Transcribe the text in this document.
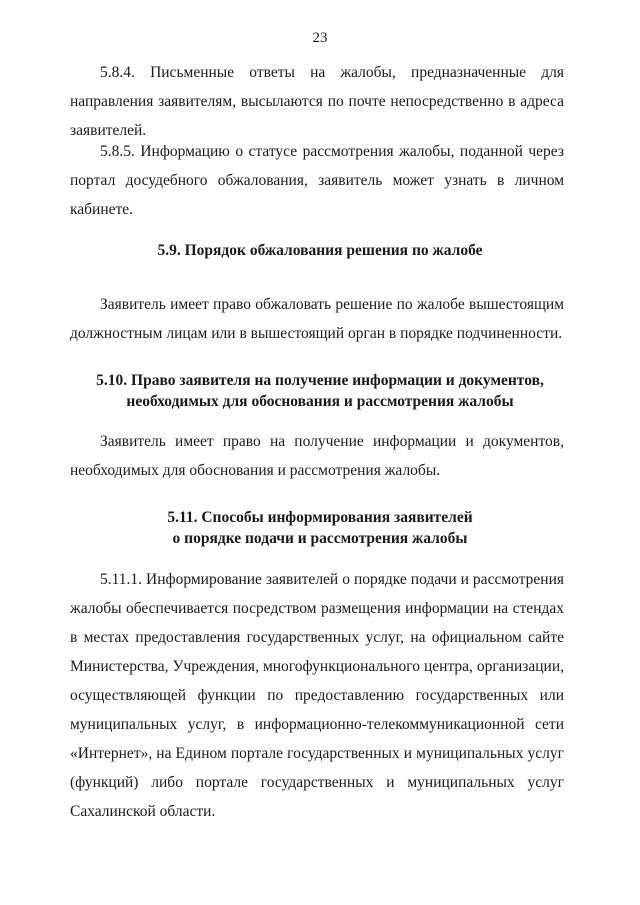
23

5.8.4. Письменные ответы на жалобы, предназначенные для направления заявителям, высылаются по почте непосредственно в адреса заявителей.

5.8.5. Информацию о статусе рассмотрения жалобы, поданной через портал досудебного обжалования, заявитель может узнать в личном кабинете.

5.9. Порядок обжалования решения по жалобе

Заявитель имеет право обжаловать решение по жалобе вышестоящим должностным лицам или в вышестоящий орган в порядке подчиненности.

5.10. Право заявителя на получение информации и документов,
необходимых для обоснования и рассмотрения жалобы

Заявитель имеет право на получение информации и документов, необходимых для обоснования и рассмотрения жалобы.

5.11. Способы информирования заявителей
о порядке подачи и рассмотрения жалобы

5.11.1. Информирование заявителей о порядке подачи и рассмотрения жалобы обеспечивается посредством размещения информации на стендах в местах предоставления государственных услуг, на официальном сайте Министерства, Учреждения, многофункционального центра, организации, осуществляющей функции по предоставлению государственных или муниципальных услуг, в информационно-телекоммуникационной сети «Интернет», на Едином портале государственных и муниципальных услуг (функций) либо портале государственных и муниципальных услуг Сахалинской области.
